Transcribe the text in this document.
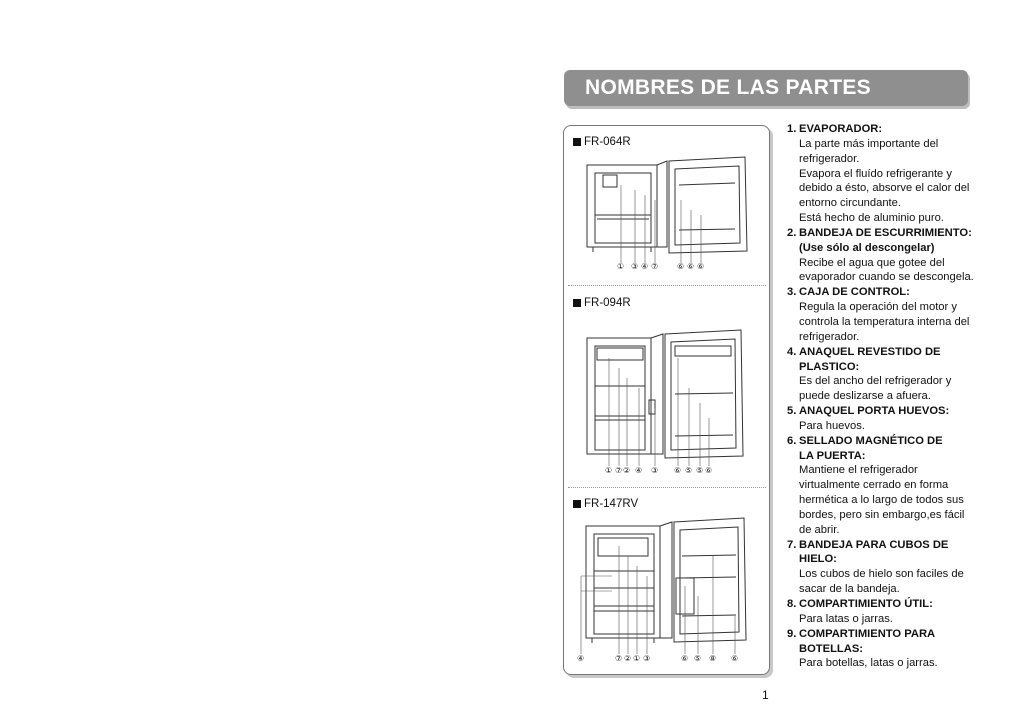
NOMBRES DE LAS PARTES
FR-064R
① ③ ④ ⑦ ⑥ ⑥ ⑥
FR-094R
① ⑦ ② ④ ③ ⑥ ⑤ ⑤ ⑥
FR-147RV
④	⑦ ② ① ③	⑥ ⑤ ⑧ ⑥
1. EVAPORADOR:
La parte más importante del
refrigerador.
Evapora el fluído refrigerante y
debido a ésto, absorve el calor del
entorno circundante.
Está hecho de aluminio puro.
2. BANDEJA DE ESCURRIMIENTO:
(Use sólo al descongelar)
Recibe el agua que gotee del
evaporador cuando se descongela.
3. CAJA DE CONTROL:
Regula la operación del motor y
controla la temperatura interna del
refrigerador.
4. ANAQUEL REVESTIDO DE
PLASTICO:
Es del ancho del refrigerador y
puede deslizarse a afuera.
5. ANAQUEL PORTA HUEVOS:
Para huevos.
6. SELLADO MAGNÉTICO DE
LA PUERTA:
Mantiene el refrigerador
virtualmente cerrado en forma
hermética a lo largo de todos sus
bordes, pero sin embargo,es fácil
de abrir.
7. BANDEJA PARA CUBOS DE
HIELO:
Los cubos de hielo son faciles de
sacar de la bandeja.
8. COMPARTIMIENTO ÚTIL:
Para latas o jarras.
9. COMPARTIMIENTO PARA
BOTELLAS:
Para botellas, latas o jarras.
1
